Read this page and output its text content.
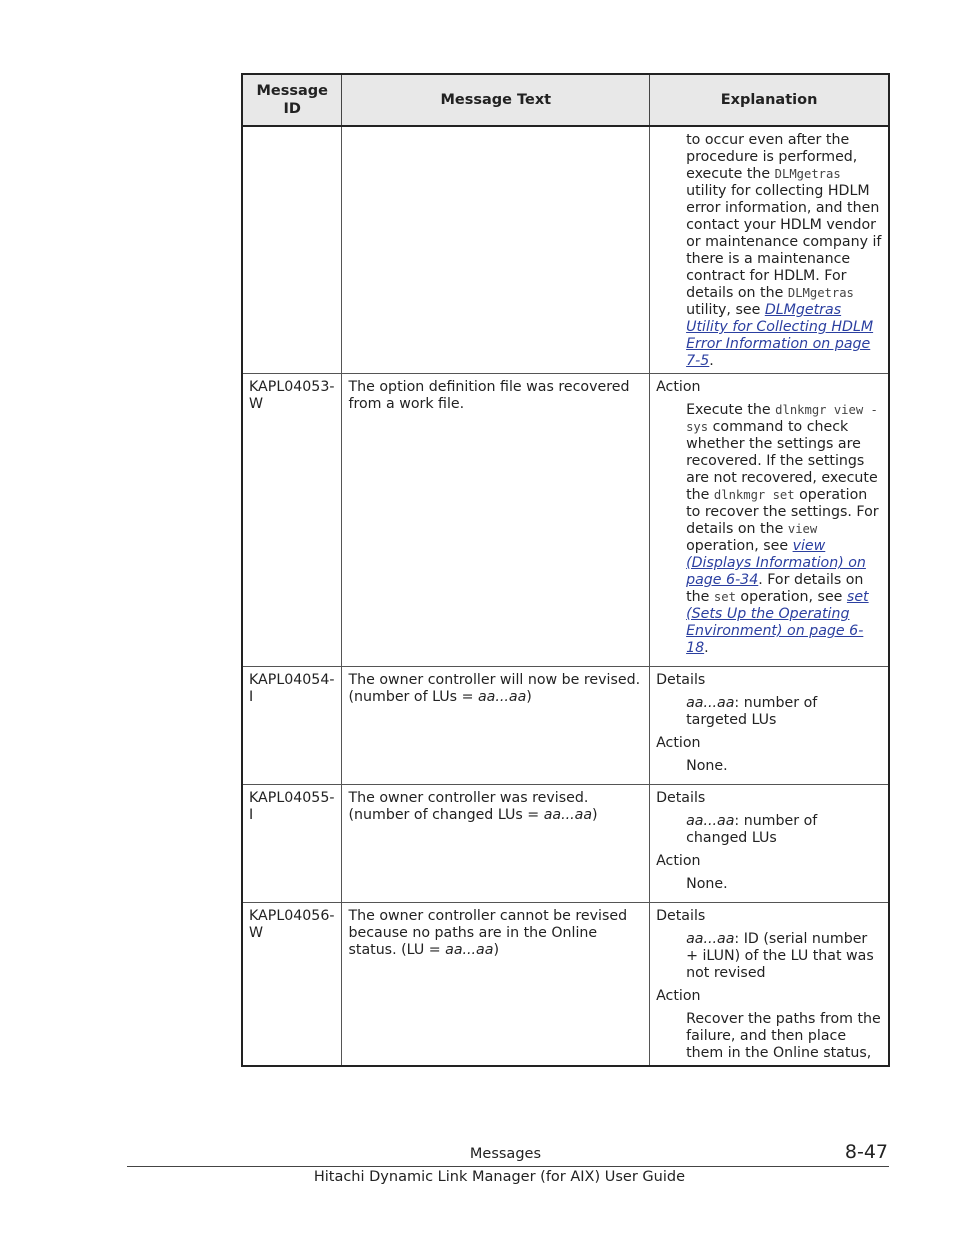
Message ID	Message Text	Explanation

		to occur even after the procedure is performed, execute the DLMgetras utility for collecting HDLM error information, and then contact your HDLM vendor or maintenance company if there is a maintenance contract for HDLM. For details on the DLMgetras utility, see DLMgetras Utility for Collecting HDLM Error Information on page 7-5.

KAPL04053-W	The option definition file was recovered from a work file.	Action
Execute the dlnkmgr view -sys command to check whether the settings are recovered. If the settings are not recovered, execute the dlnkmgr set operation to recover the settings. For details on the view operation, see view (Displays Information) on page 6-34. For details on the set operation, see set (Sets Up the Operating Environment) on page 6-18.

KAPL04054-I	The owner controller will now be revised. (number of LUs = aa...aa)	Details
aa...aa: number of targeted LUs
Action
None.

KAPL04055-I	The owner controller was revised. (number of changed LUs = aa...aa)	Details
aa...aa: number of changed LUs
Action
None.

KAPL04056-W	The owner controller cannot be revised because no paths are in the Online status. (LU = aa...aa)	Details
aa...aa: ID (serial number + iLUN) of the LU that was not revised
Action
Recover the paths from the failure, and then place them in the Online status,
Messages	8-47
Hitachi Dynamic Link Manager (for AIX) User Guide
